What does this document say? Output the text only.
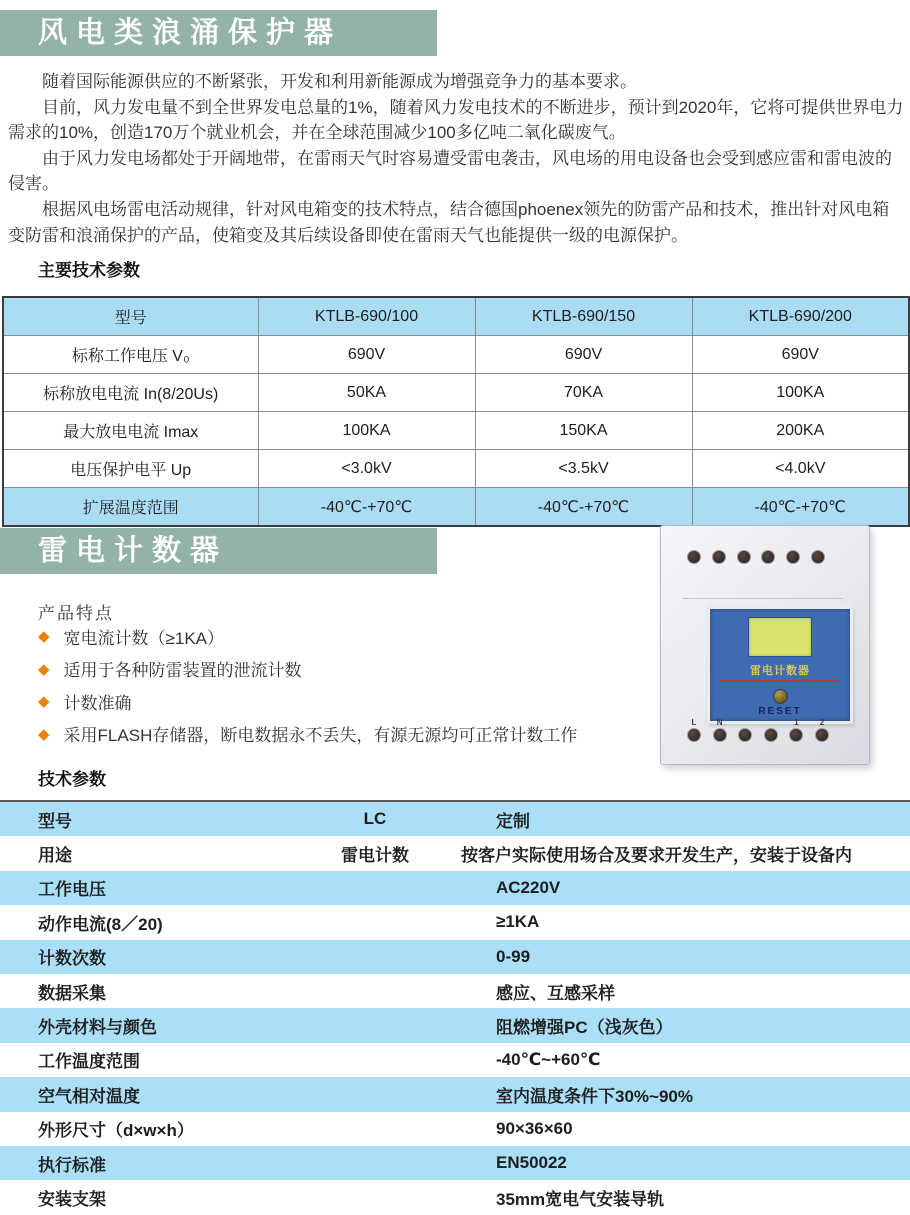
风电类浪涌保护器

随着国际能源供应的不断紧张，开发和利用新能源成为增强竞争力的基本要求。

目前，风力发电量不到全世界发电总量的1%，随着风力发电技术的不断进步，预计到2020年，它将可提供世界电力需求的10%，创造170万个就业机会，并在全球范围减少100多亿吨二氧化碳废气。

由于风力发电场都处于开阔地带，在雷雨天气时容易遭受雷电袭击，风电场的用电设备也会受到感应雷和雷电波的侵害。

根据风电场雷电活动规律，针对风电箱变的技术特点，结合德国phoenex领先的防雷产品和技术，推出针对风电箱变防雷和浪涌保护的产品，使箱变及其后续设备即使在雷雨天气也能提供一级的电源保护。

主要技术参数
型号	KTLB-690/100	KTLB-690/150	KTLB-690/200
标称工作电压 V₀	690V	690V	690V
标称放电电流 In(8/20Us)	50KA	70KA	100KA
最大放电电流 Imax	100KA	150KA	200KA
电压保护电平 Up	<3.0kV	<3.5kV	<4.0kV
扩展温度范围	-40℃-+70℃	-40℃-+70℃	-40℃-+70℃
雷电计数器
产品特点
◆ 宽电流计数（≥1KA）
◆ 适用于各种防雷装置的泄流计数
◆ 计数准确
◆ 采用FLASH存储器，断电数据永不丢失，有源无源均可正常计数工作
雷电计数器
RESET
L	N	1	2
技术参数
型号	LC	定制
用途	雷电计数	按客户实际使用场合及要求开发生产，安装于设备内
工作电压		AC220V
动作电流(8／20)		≥1KA
计数次数		0-99
数据采集		感应、互感采样
外壳材料与颜色		阻燃增强PC（浅灰色）
工作温度范围		-40℃~+60℃
空气相对温度		室内温度条件下30%~90%
外形尺寸（d×w×h）		90×36×60
执行标准		EN50022
安装支架		35mm宽电气安装导轨
